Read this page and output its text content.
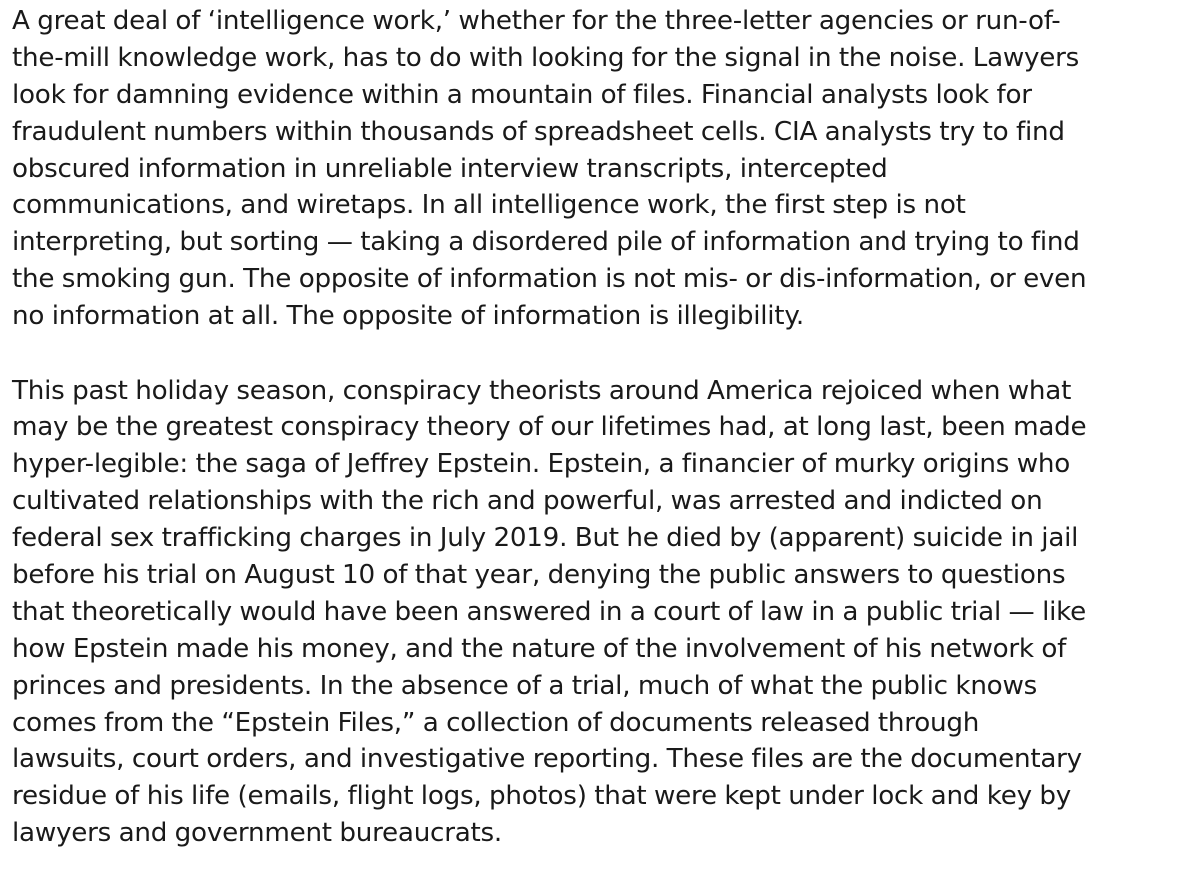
A great deal of ‘intelligence work,’ whether for the three-letter agencies or run-of-
the-mill knowledge work, has to do with looking for the signal in the noise. Lawyers
look for damning evidence within a mountain of files. Financial analysts look for
fraudulent numbers within thousands of spreadsheet cells. CIA analysts try to find
obscured information in unreliable interview transcripts, intercepted
communications, and wiretaps. In all intelligence work, the first step is not
interpreting, but sorting — taking a disordered pile of information and trying to find
the smoking gun. The opposite of information is not mis- or dis-information, or even
no information at all. The opposite of information is illegibility.

This past holiday season, conspiracy theorists around America rejoiced when what
may be the greatest conspiracy theory of our lifetimes had, at long last, been made
hyper-legible: the saga of Jeffrey Epstein. Epstein, a financier of murky origins who
cultivated relationships with the rich and powerful, was arrested and indicted on
federal sex trafficking charges in July 2019. But he died by (apparent) suicide in jail
before his trial on August 10 of that year, denying the public answers to questions
that theoretically would have been answered in a court of law in a public trial — like
how Epstein made his money, and the nature of the involvement of his network of
princes and presidents. In the absence of a trial, much of what the public knows
comes from the “Epstein Files,” a collection of documents released through
lawsuits, court orders, and investigative reporting. These files are the documentary
residue of his life (emails, flight logs, photos) that were kept under lock and key by
lawyers and government bureaucrats.
